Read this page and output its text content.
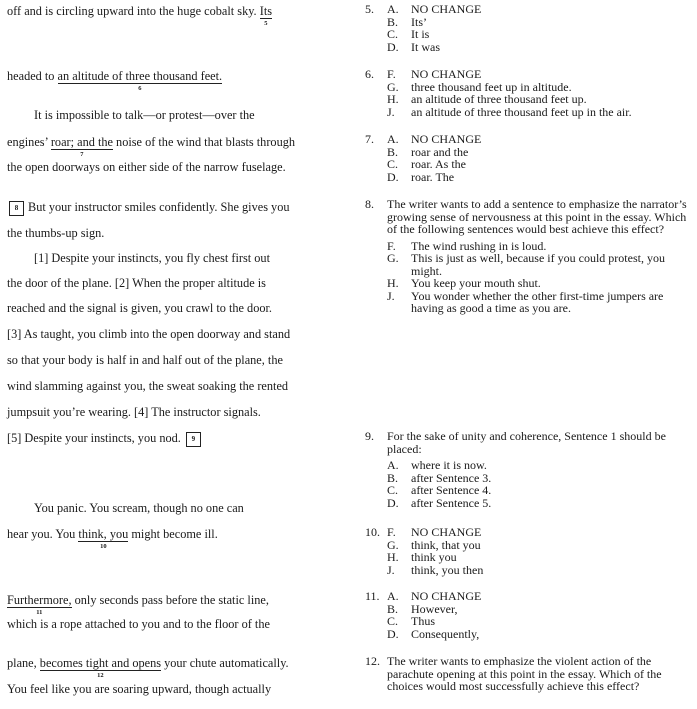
off and is circling upward into the huge cobalt sky. Its
5
headed to an altitude of three thousand feet.
6
It is impossible to talk—or protest—over the
engines’ roar; and the
7
noise of the wind that blasts through
the open doorways on either side of the narrow fuselage.
8 But your instructor smiles confidently. She gives you
the thumbs-up sign.
[1] Despite your instincts, you fly chest first out
the door of the plane. [2] When the proper altitude is
reached and the signal is given, you crawl to the door.
[3] As taught, you climb into the open doorway and stand
so that your body is half in and half out of the plane, the
wind slamming against you, the sweat soaking the rented
jumpsuit you’re wearing. [4] The instructor signals.
[5] Despite your instincts, you nod. 9
You panic. You scream, though no one can
hear you. You think, you
10
might become ill.
Furthermore,
11
only seconds pass before the static line,
which is a rope attached to you and to the floor of the
plane, becomes tight and opens
12
your chute automatically.
You feel like you are soaring upward, though actually
5. A. NO CHANGE
B. Its’
C. It is
D. It was
6. F. NO CHANGE
G. three thousand feet up in altitude.
H. an altitude of three thousand feet up.
J. an altitude of three thousand feet up in the air.
7. A. NO CHANGE
B. roar and the
C. roar. As the
D. roar. The
8. The writer wants to add a sentence to emphasize the narrator’s growing sense of nervousness at this point in the essay. Which of the following sentences would best achieve this effect?
F. The wind rushing in is loud.
G. This is just as well, because if you could protest, you might.
H. You keep your mouth shut.
J. You wonder whether the other first-time jumpers are having as good a time as you are.
9. For the sake of unity and coherence, Sentence 1 should be placed:
A. where it is now.
B. after Sentence 3.
C. after Sentence 4.
D. after Sentence 5.
10. F. NO CHANGE
G. think, that you
H. think you
J. think, you then
11. A. NO CHANGE
B. However,
C. Thus
D. Consequently,
12. The writer wants to emphasize the violent action of the parachute opening at this point in the essay. Which of the choices would most successfully achieve this effect?
